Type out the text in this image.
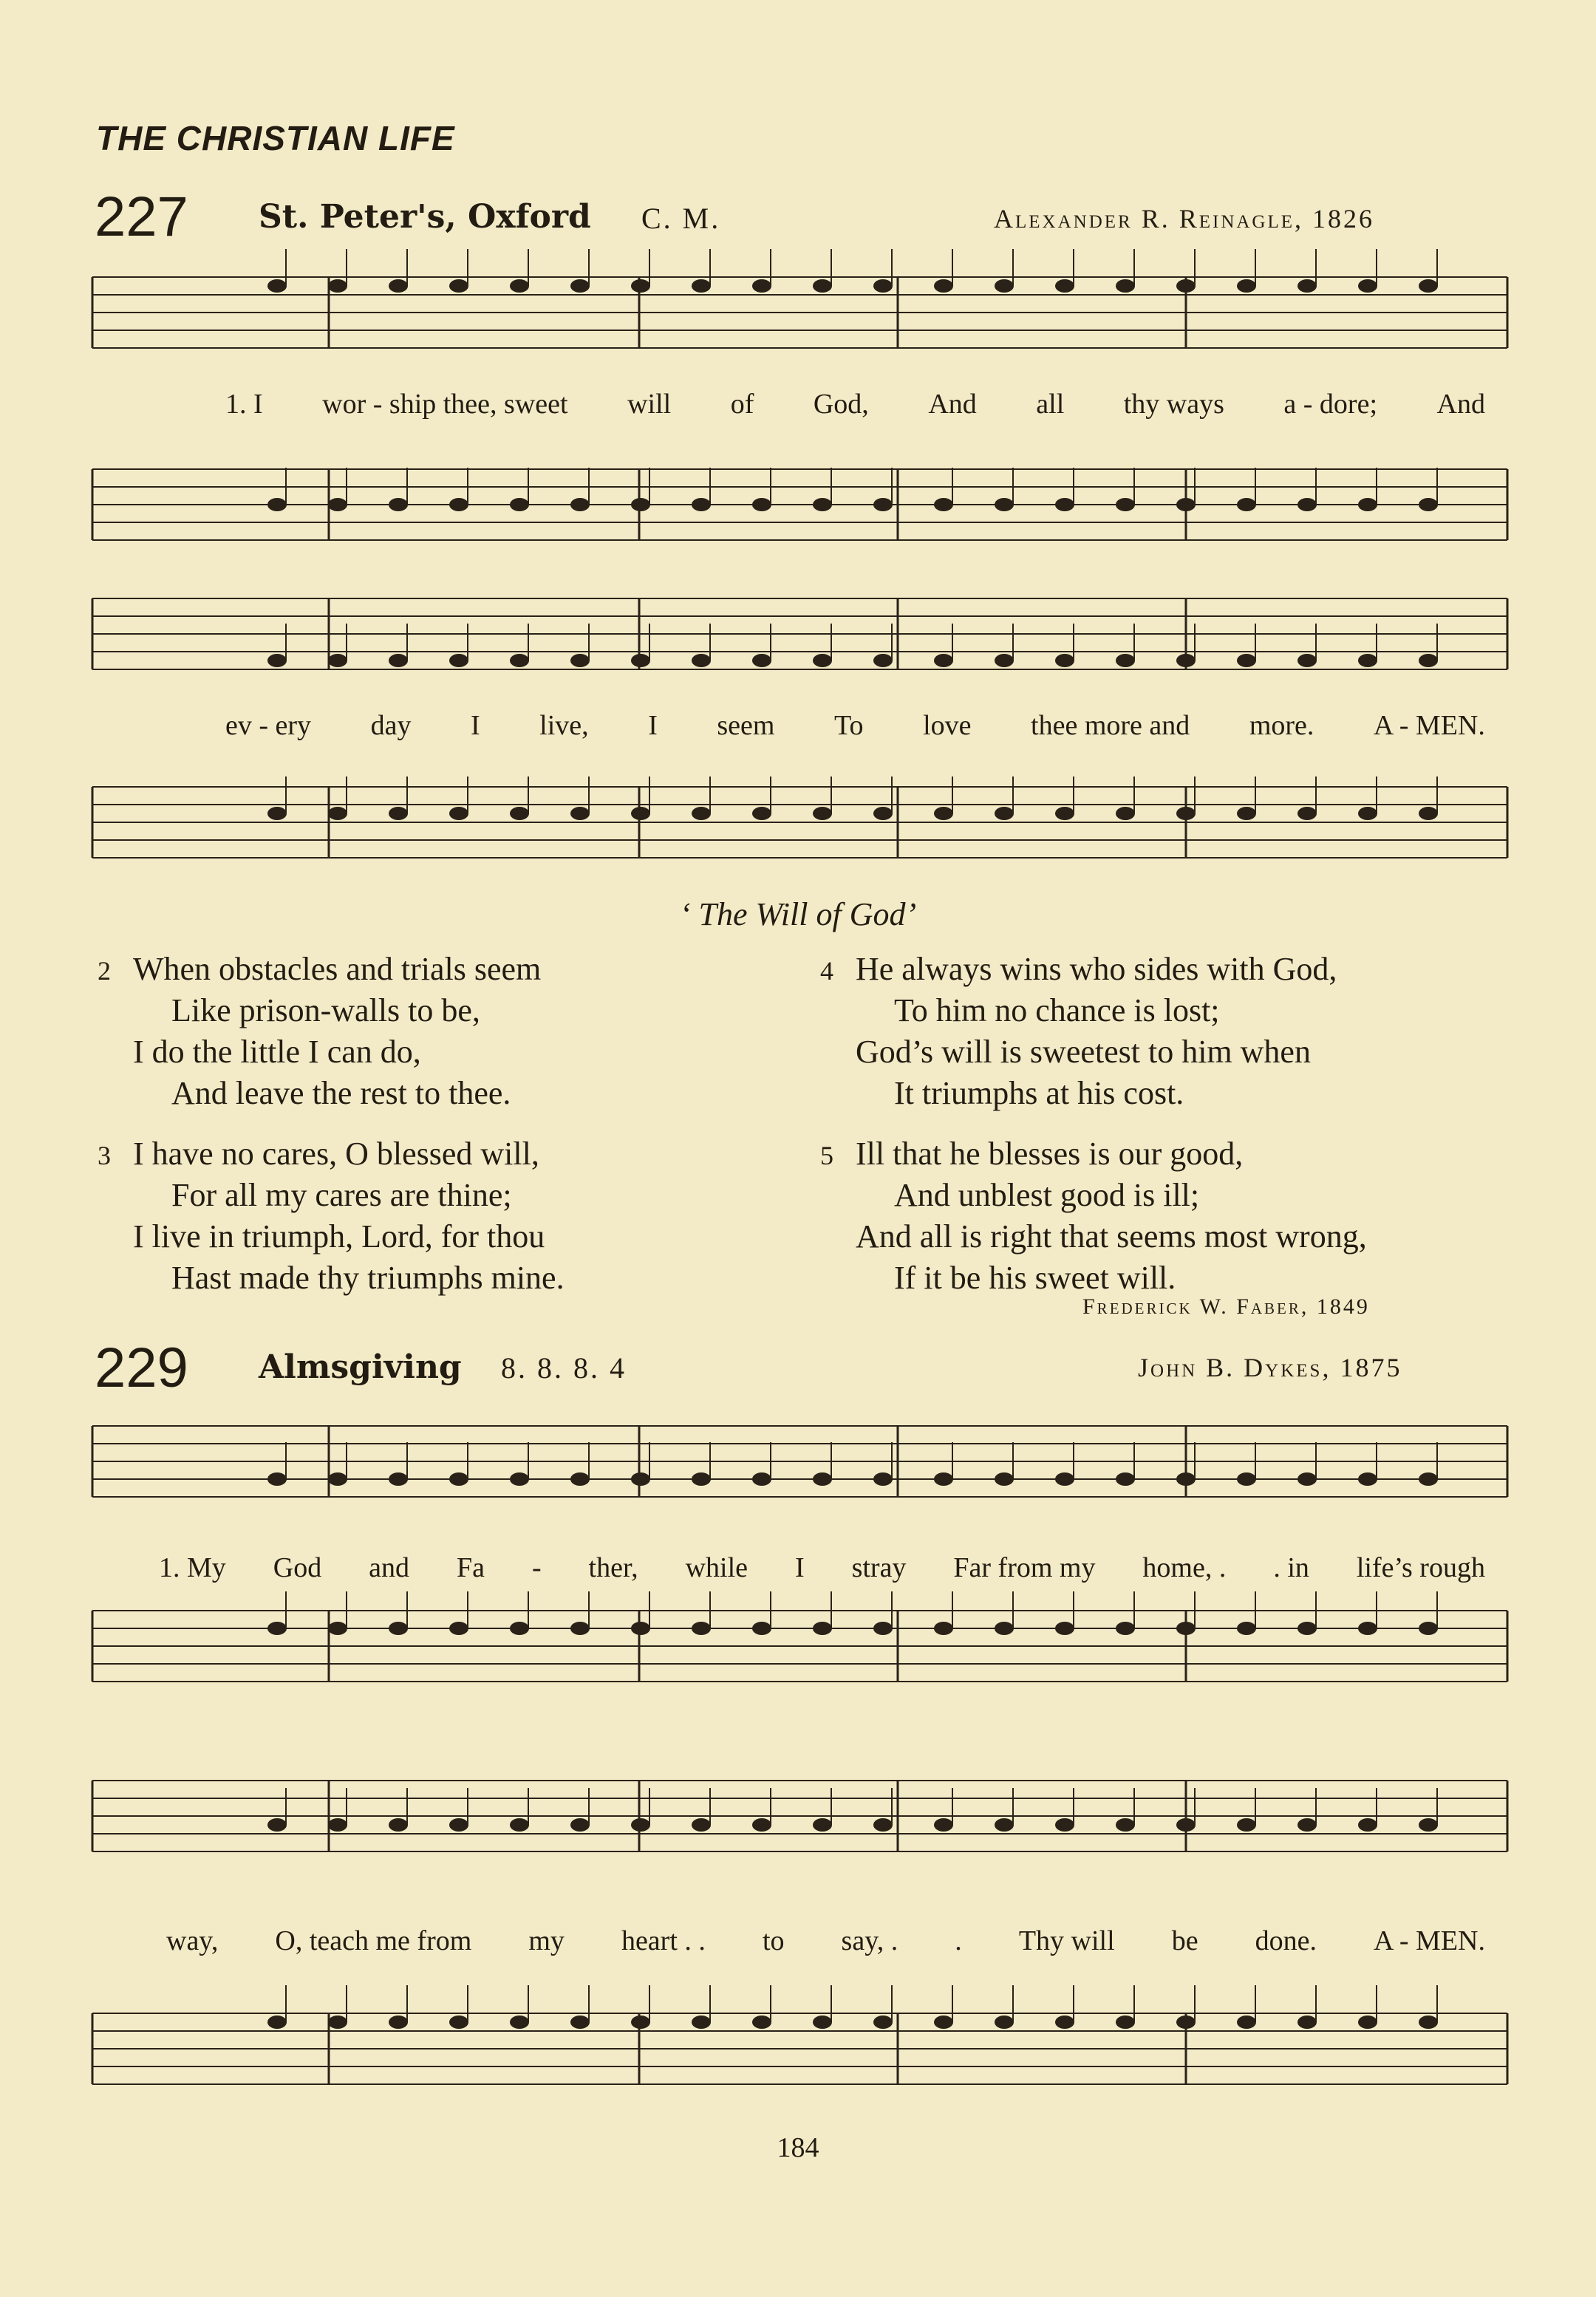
THE CHRISTIAN LIFE
227 St. Peter's, Oxford C. M.	Alexander R. Reinagle, 1826
1. I wor - ship thee, sweet will of God, And all thy ways a - dore; And
ev - ery day I live, I seem To love thee more and more. A - MEN.
‘ The Will of God’
2 When obstacles and trials seem
Like prison-walls to be,
I do the little I can do,
And leave the rest to thee.
3 I have no cares, O blessed will,
For all my cares are thine;
I live in triumph, Lord, for thou
Hast made thy triumphs mine.
4 He always wins who sides with God,
To him no chance is lost;
God’s will is sweetest to him when
It triumphs at his cost.
5 Ill that he blesses is our good,
And unblest good is ill;
And all is right that seems most wrong,
If it be his sweet will.
Frederick W. Faber, 1849
229 Almsgiving 8. 8. 8. 4	John B. Dykes, 1875
1. My God and Fa - ther, while I stray Far from my home, . . in life’s rough
way, O, teach me from my heart . . to say, . . Thy will be done. A - MEN.
184
